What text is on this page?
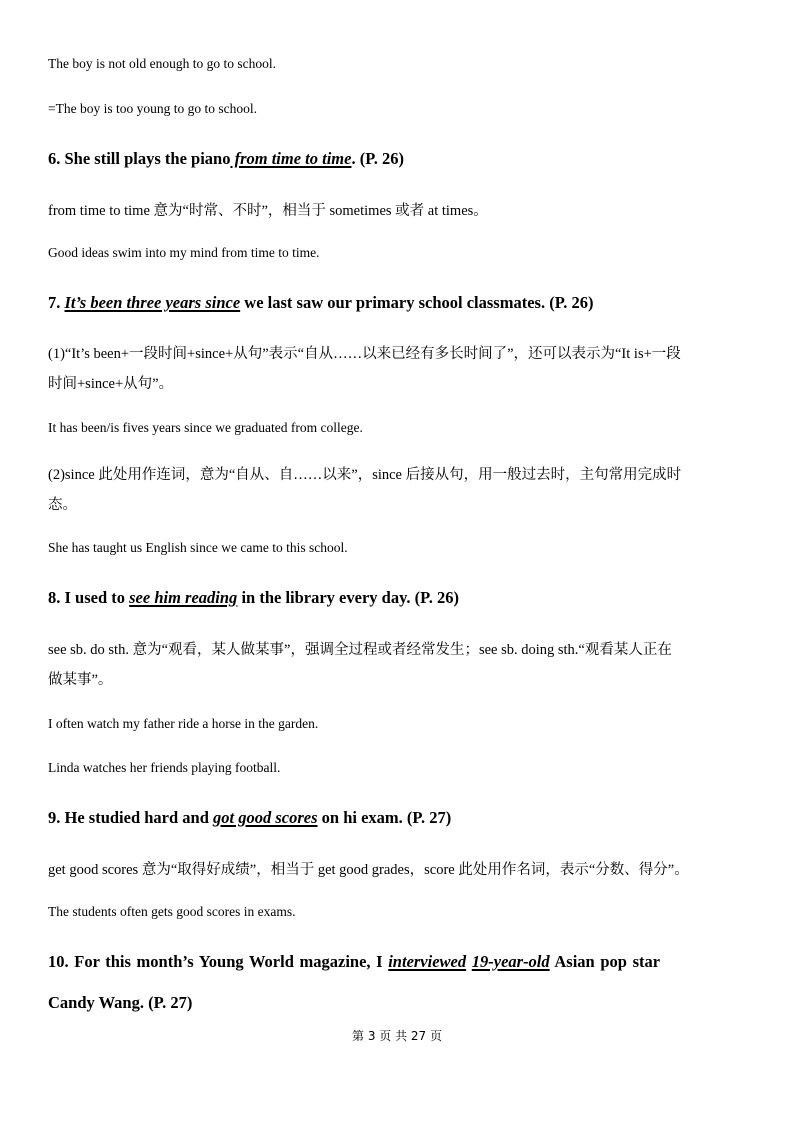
The boy is not old enough to go to school.
=The boy is too young to go to school.
6. She still plays the piano from time to time. (P. 26)
from time to time 意为“时常、不时”，相当于 sometimes 或者 at times。
Good ideas swim into my mind from time to time.
7. It’s been three years since we last saw our primary school classmates. (P. 26)
(1)“It’s been+一段时间+since+从句”表示“自从……以来已经有多长时间了”，还可以表示为“It is+一段
时间+since+从句”。
It has been/is fives years since we graduated from college.
(2)since 此处用作连词，意为“自从、自……以来”，since 后接从句，用一般过去时，主句常用完成时
态。
She has taught us English since we came to this school.
8. I used to see him reading in the library every day. (P. 26)
see sb. do sth. 意为“观看，某人做某事”，强调全过程或者经常发生；see sb. doing sth.“观看某人正在
做某事”。
I often watch my father ride a horse in the garden.
Linda watches her friends playing football.
9. He studied hard and got good scores on hi exam. (P. 27)
get good scores 意为“取得好成绩”，相当于 get good grades，score 此处用作名词，表示“分数、得分”。
The students often gets good scores in exams.
10. For this month’s Young World magazine, I interviewed 19-year-old Asian pop star
Candy Wang. (P. 27)
第 3 页 共 27 页
